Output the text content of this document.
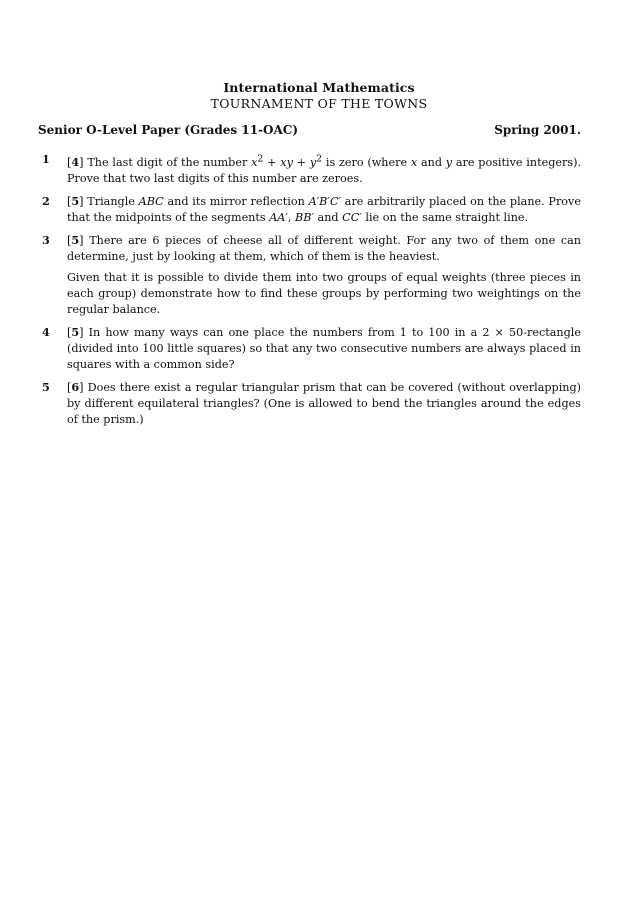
International Mathematics
TOURNAMENT OF THE TOWNS
Senior O-Level Paper (Grades 11-OAC)	Spring 2001.
1 [4] The last digit of the number $x^2$ + xy + $y^2$ is zero (where x and y are positive integers). Prove that two last digits of this number are zeroes.

2 [5] Triangle ABC and its mirror reflection A′B′C′ are arbitrarily placed on the plane. Prove that the midpoints of the segments AA′, BB′ and CC′ lie on the same straight line.

3 [5] There are 6 pieces of cheese all of different weight. For any two of them one can determine, just by looking at them, which of them is the heaviest.

Given that it is possible to divide them into two groups of equal weights (three pieces in each group) demonstrate how to find these groups by performing two weightings on the regular balance.

4 [5] In how many ways can one place the numbers from 1 to 100 in a 2 × 50-rectangle (divided into 100 little squares) so that any two consecutive numbers are always placed in squares with a common side?

5 [6] Does there exist a regular triangular prism that can be covered (without overlapping) by different equilateral triangles? (One is allowed to bend the triangles around the edges of the prism.)
